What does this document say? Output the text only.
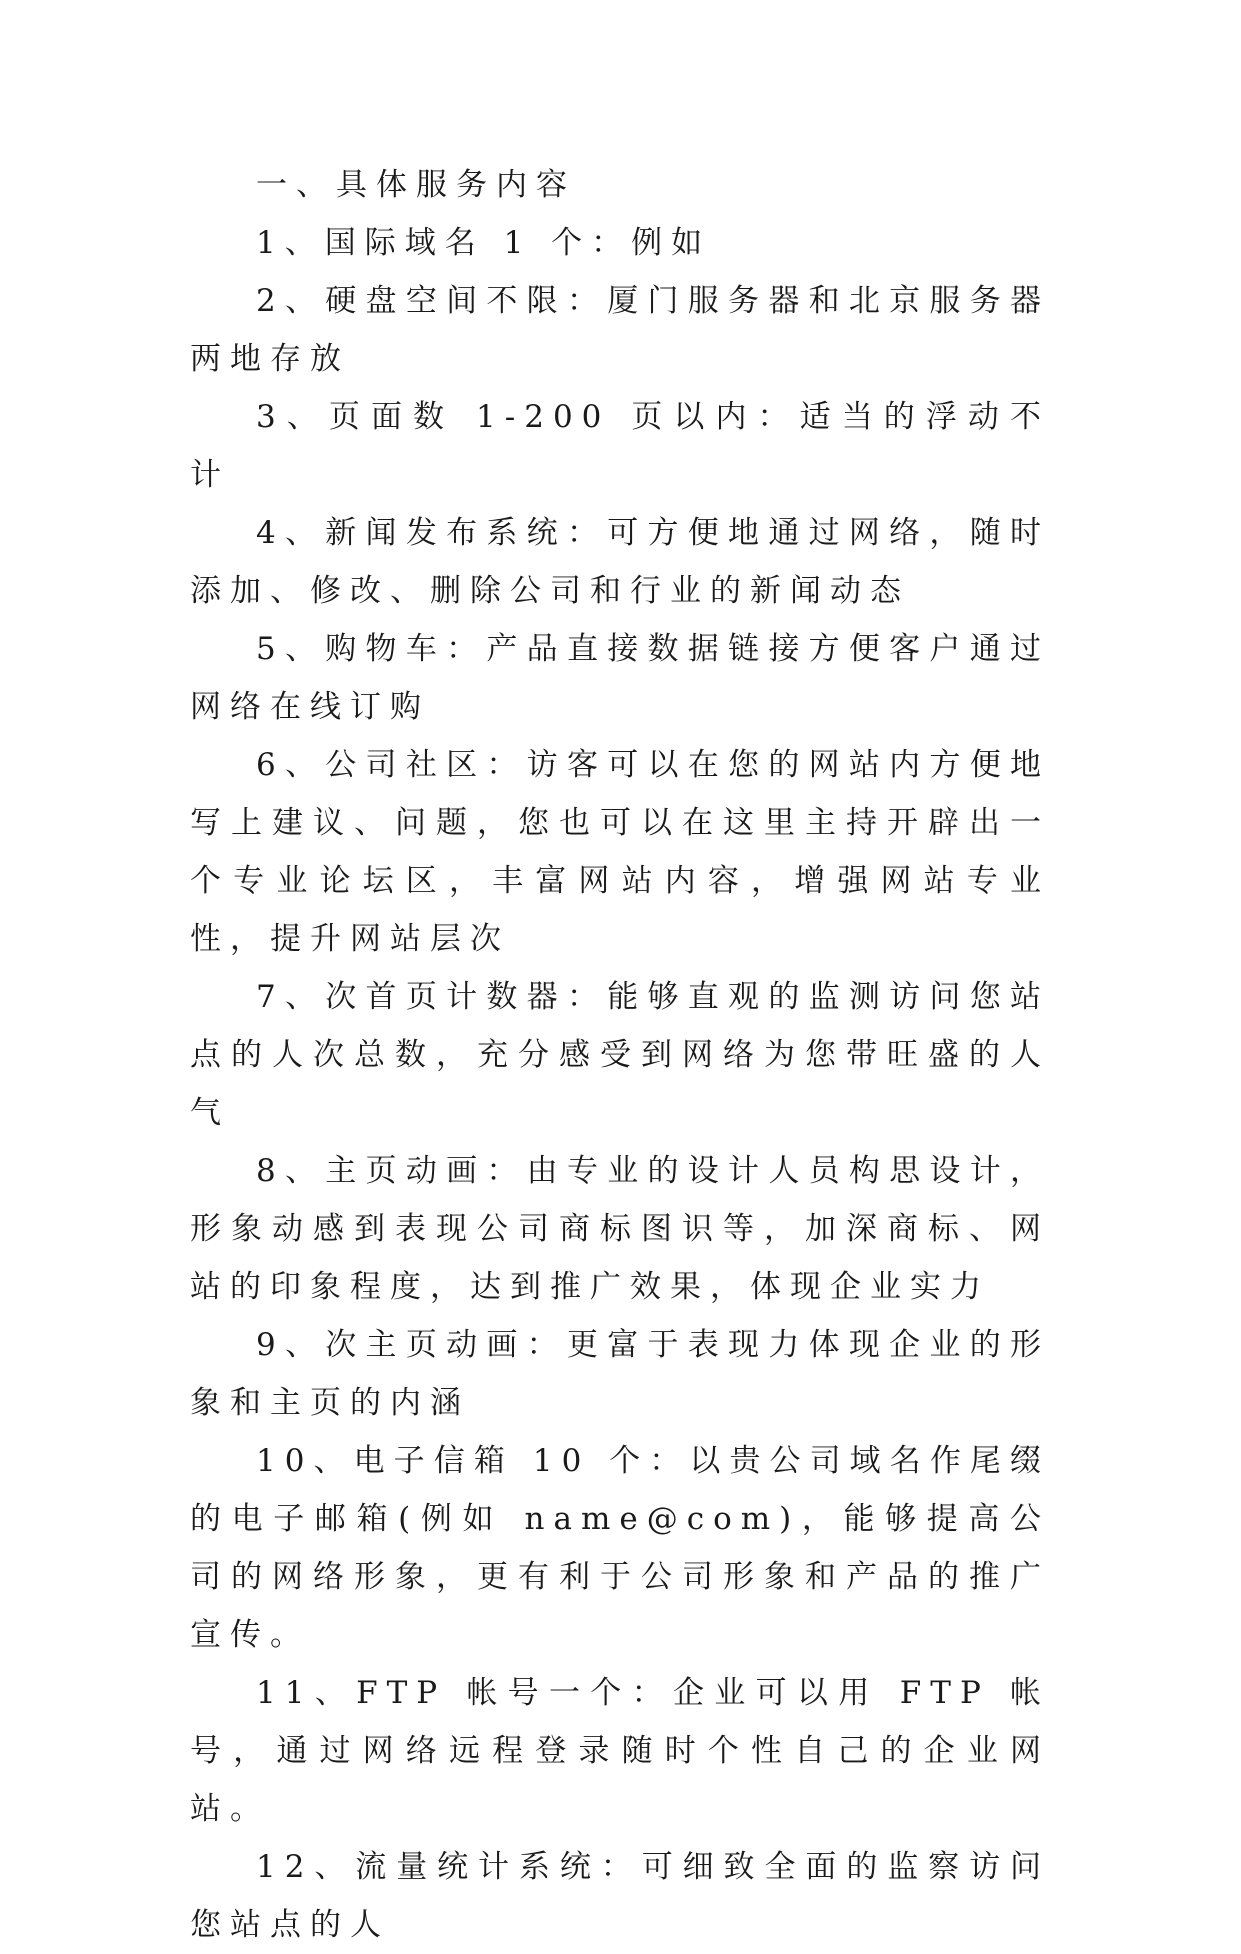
一、具体服务内容

1、国际域名 1 个：例如

2、硬盘空间不限：厦门服务器和北京服务器两地存放

3、页面数 1-200 页以内：适当的浮动不计

4、新闻发布系统：可方便地通过网络，随时添加、修改、删除公司和行业的新闻动态

5、购物车：产品直接数据链接方便客户通过网络在线订购

6、公司社区：访客可以在您的网站内方便地写上建议、问题，您也可以在这里主持开辟出一个专业论坛区，丰富网站内容，增强网站专业性，提升网站层次

7、次首页计数器：能够直观的监测访问您站点的人次总数，充分感受到网络为您带旺盛的人气

8、主页动画：由专业的设计人员构思设计，形象动感到表现公司商标图识等，加深商标、网站的印象程度，达到推广效果，体现企业实力

9、次主页动画：更富于表现力体现企业的形象和主页的内涵

10、电子信箱 10 个：以贵公司域名作尾缀的电子邮箱(例如 name@com)，能够提高公司的网络形象，更有利于公司形象和产品的推广宣传。

11、FTP 帐号一个：企业可以用 FTP 帐号，通过网络远程登录随时个性自己的企业网站。

12、流量统计系统：可细致全面的监察访问您站点的人
